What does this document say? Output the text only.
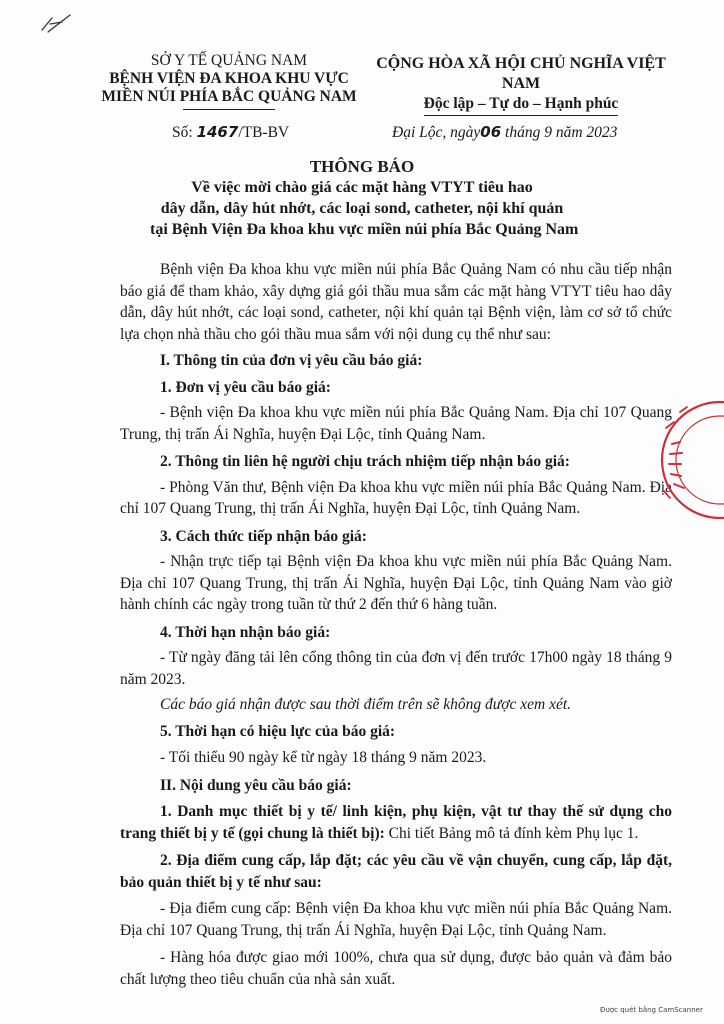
SỞ Y TẾ QUẢNG NAM
BỆNH VIỆN ĐA KHOA KHU VỰC
MIỀN NÚI PHÍA BẮC QUẢNG NAM
CỘNG HÒA XÃ HỘI CHỦ NGHĨA VIỆT NAM
Độc lập – Tự do – Hạnh phúc
Số: 1467/TB-BV	Đại Lộc, ngày06 tháng 9 năm 2023
THÔNG BÁO
Về việc mời chào giá các mặt hàng VTYT tiêu hao
dây dẫn, dây hút nhớt, các loại sond, catheter, nội khí quản
tại Bệnh Viện Đa khoa khu vực miền núi phía Bắc Quảng Nam

Bệnh viện Đa khoa khu vực miền núi phía Bắc Quảng Nam có nhu cầu tiếp nhận báo giá để tham khảo, xây dựng giá gói thầu mua sắm các mặt hàng VTYT tiêu hao dây dẫn, dây hút nhớt, các loại sond, catheter, nội khí quản tại Bệnh viện, làm cơ sở tổ chức lựa chọn nhà thầu cho gói thầu mua sắm với nội dung cụ thể như sau:

I. Thông tin của đơn vị yêu cầu báo giá:

1. Đơn vị yêu cầu báo giá:

- Bệnh viện Đa khoa khu vực miền núi phía Bắc Quảng Nam. Địa chỉ 107 Quang Trung, thị trấn Ái Nghĩa, huyện Đại Lộc, tỉnh Quảng Nam.

2. Thông tin liên hệ người chịu trách nhiệm tiếp nhận báo giá:

- Phòng Văn thư, Bệnh viện Đa khoa khu vực miền núi phía Bắc Quảng Nam. Địa chỉ 107 Quang Trung, thị trấn Ái Nghĩa, huyện Đại Lộc, tỉnh Quảng Nam.

3. Cách thức tiếp nhận báo giá:

- Nhận trực tiếp tại Bệnh viện Đa khoa khu vực miền núi phía Bắc Quảng Nam. Địa chỉ 107 Quang Trung, thị trấn Ái Nghĩa, huyện Đại Lộc, tỉnh Quảng Nam vào giờ hành chính các ngày trong tuần từ thứ 2 đến thứ 6 hàng tuần.

4. Thời hạn nhận báo giá:

- Từ ngày đăng tải lên cổng thông tin của đơn vị đến trước 17h00 ngày 18 tháng 9 năm 2023.

Các báo giá nhận được sau thời điểm trên sẽ không được xem xét.

5. Thời hạn có hiệu lực của báo giá:

- Tối thiểu 90 ngày kể từ ngày 18 tháng 9 năm 2023.

II. Nội dung yêu cầu báo giá:

1. Danh mục thiết bị y tế/ linh kiện, phụ kiện, vật tư thay thế sử dụng cho trang thiết bị y tế (gọi chung là thiết bị): Chi tiết Bảng mô tả đính kèm Phụ lục 1.

2. Địa điểm cung cấp, lắp đặt; các yêu cầu về vận chuyển, cung cấp, lắp đặt, bảo quản thiết bị y tế như sau:

- Địa điểm cung cấp: Bệnh viện Đa khoa khu vực miền núi phía Bắc Quảng Nam. Địa chỉ 107 Quang Trung, thị trấn Ái Nghĩa, huyện Đại Lộc, tỉnh Quảng Nam.

- Hàng hóa được giao mới 100%, chưa qua sử dụng, được bảo quản và đảm bảo chất lượng theo tiêu chuẩn của nhà sản xuất.

Được quét bằng CamScanner
